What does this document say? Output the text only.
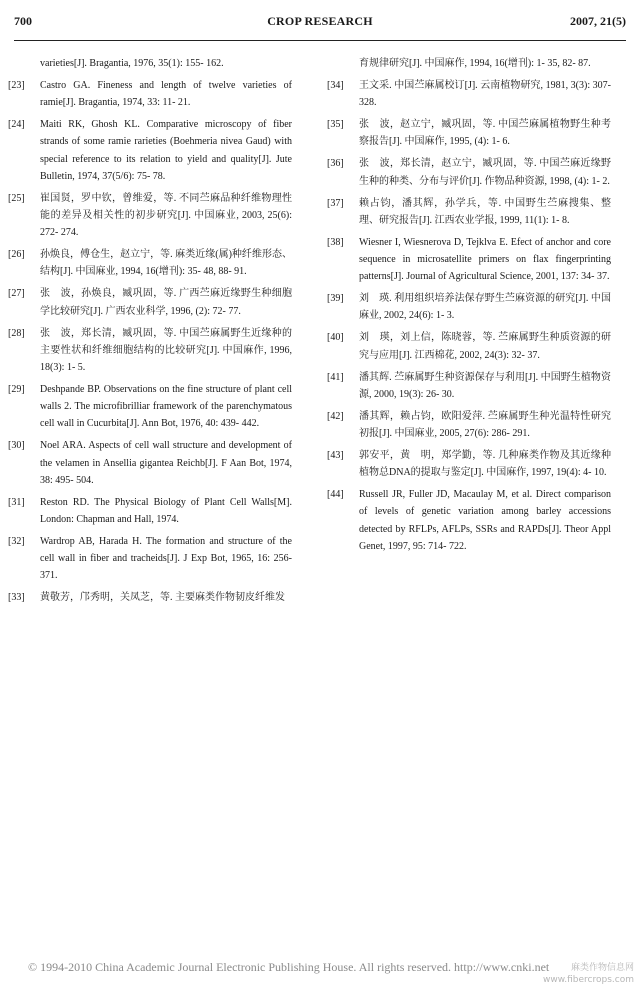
700	CROP RESEARCH	2007, 21(5)
varieties[J]. Bragantia, 1976, 35(1): 155- 162.
[23]	Castro GA. Fineness and length of twelve varieties of ramie[J]. Bragantia, 1974, 33: 11- 21.
[24]	Maiti RK, Ghosh KL. Comparative microscopy of fiber strands of some ramie rarieties (Boehmeria nivea Gaud) with special reference to its relation to yield and quality[J]. Jute Bulletin, 1974, 37(5/6): 75- 78.
[25]	崔国贤，罗中钦，曾维爱，等. 不同苎麻品种纤维物理性能的差异及相关性的初步研究[J]. 中国麻业, 2003, 25(6): 272- 274.
[26]	孙焕良，傅仓生，赵立宁，等. 麻类近缘(属)种纤维形态、结构[J]. 中国麻业, 1994, 16(增刊): 35- 48, 88- 91.
[27]	张　波，孙焕良，臧巩固，等. 广西苎麻近缘野生种细胞学比较研究[J]. 广西农业科学, 1996, (2): 72- 77.
[28]	张　波，郑长清，臧巩固，等. 中国苎麻属野生近缘种的主要性状和纤维细胞结构的比较研究[J]. 中国麻作, 1996, 18(3): 1- 5.
[29]	Deshpande BP. Observations on the fine structure of plant cell walls 2. The microfibrilliar framework of the parenchymatous cell wall in Cucurbita[J]. Ann Bot, 1976, 40: 439- 442.
[30]	Noel ARA. Aspects of cell wall structure and development of the velamen in Ansellia gigantea Reichb[J]. F Aan Bot, 1974, 38: 495- 504.
[31]	Reston RD. The Physical Biology of Plant Cell Walls[M]. London: Chapman and Hall, 1974.
[32]	Wardrop AB, Harada H. The formation and structure of the cell wall in fiber and tracheids[J]. J Exp Bot, 1965, 16: 256- 371.
[33]	黄敬芳，邝秀明，关凤芝，等. 主要麻类作物韧皮纤维发
育规律研究[J]. 中国麻作, 1994, 16(增刊): 1- 35, 82- 87.
[34]	王文采. 中国苎麻属校订[J]. 云南植物研究, 1981, 3(3): 307- 328.
[35]	张　波，赵立宁，臧巩固，等. 中国苎麻属植物野生种考察报告[J]. 中国麻作, 1995, (4): 1- 6.
[36]	张　波，郑长清，赵立宁，臧巩固，等. 中国苎麻近缘野生种的种类、分布与评价[J]. 作物品种资源, 1998, (4): 1- 2.
[37]	赖占钧，潘其辉，孙学兵，等. 中国野生苎麻搜集、整理、研究报告[J]. 江西农业学报, 1999, 11(1): 1- 8.
[38]	Wiesner I, Wiesnerova D, Tejklva E. Efect of anchor and core sequence in microsatellite primers on flax fingerprinting patterns[J]. Journal of Agricultural Science, 2001, 137: 34- 37.
[39]	刘　瑛. 利用组织培养法保存野生苎麻资源的研究[J]. 中国麻业, 2002, 24(6): 1- 3.
[40]	刘　瑛，刘上信，陈晓蓉，等. 苎麻属野生种质资源的研究与应用[J]. 江西棉花, 2002, 24(3): 32- 37.
[41]	潘其辉. 苎麻属野生种资源保存与利用[J]. 中国野生植物资源, 2000, 19(3): 26- 30.
[42]	潘其辉，赖占钧，欧阳爱萍. 苎麻属野生种光温特性研究初报[J]. 中国麻业, 2005, 27(6): 286- 291.
[43]	郭安平，黄　明，郑学勤，等. 几种麻类作物及其近缘种植物总DNA的提取与鉴定[J]. 中国麻作, 1997, 19(4): 4- 10.
[44]	Russell JR, Fuller JD, Macaulay M, et al. Direct comparison of levels of genetic variation among barley accessions detected by RFLPs, AFLPs, SSRs and RAPDs[J]. Theor Appl Genet, 1997, 95: 714- 722.
© 1994-2010 China Academic Journal Electronic Publishing House. All rights reserved. http://www.cnki.net	麻类作物信息网
www.fibercrops.com
